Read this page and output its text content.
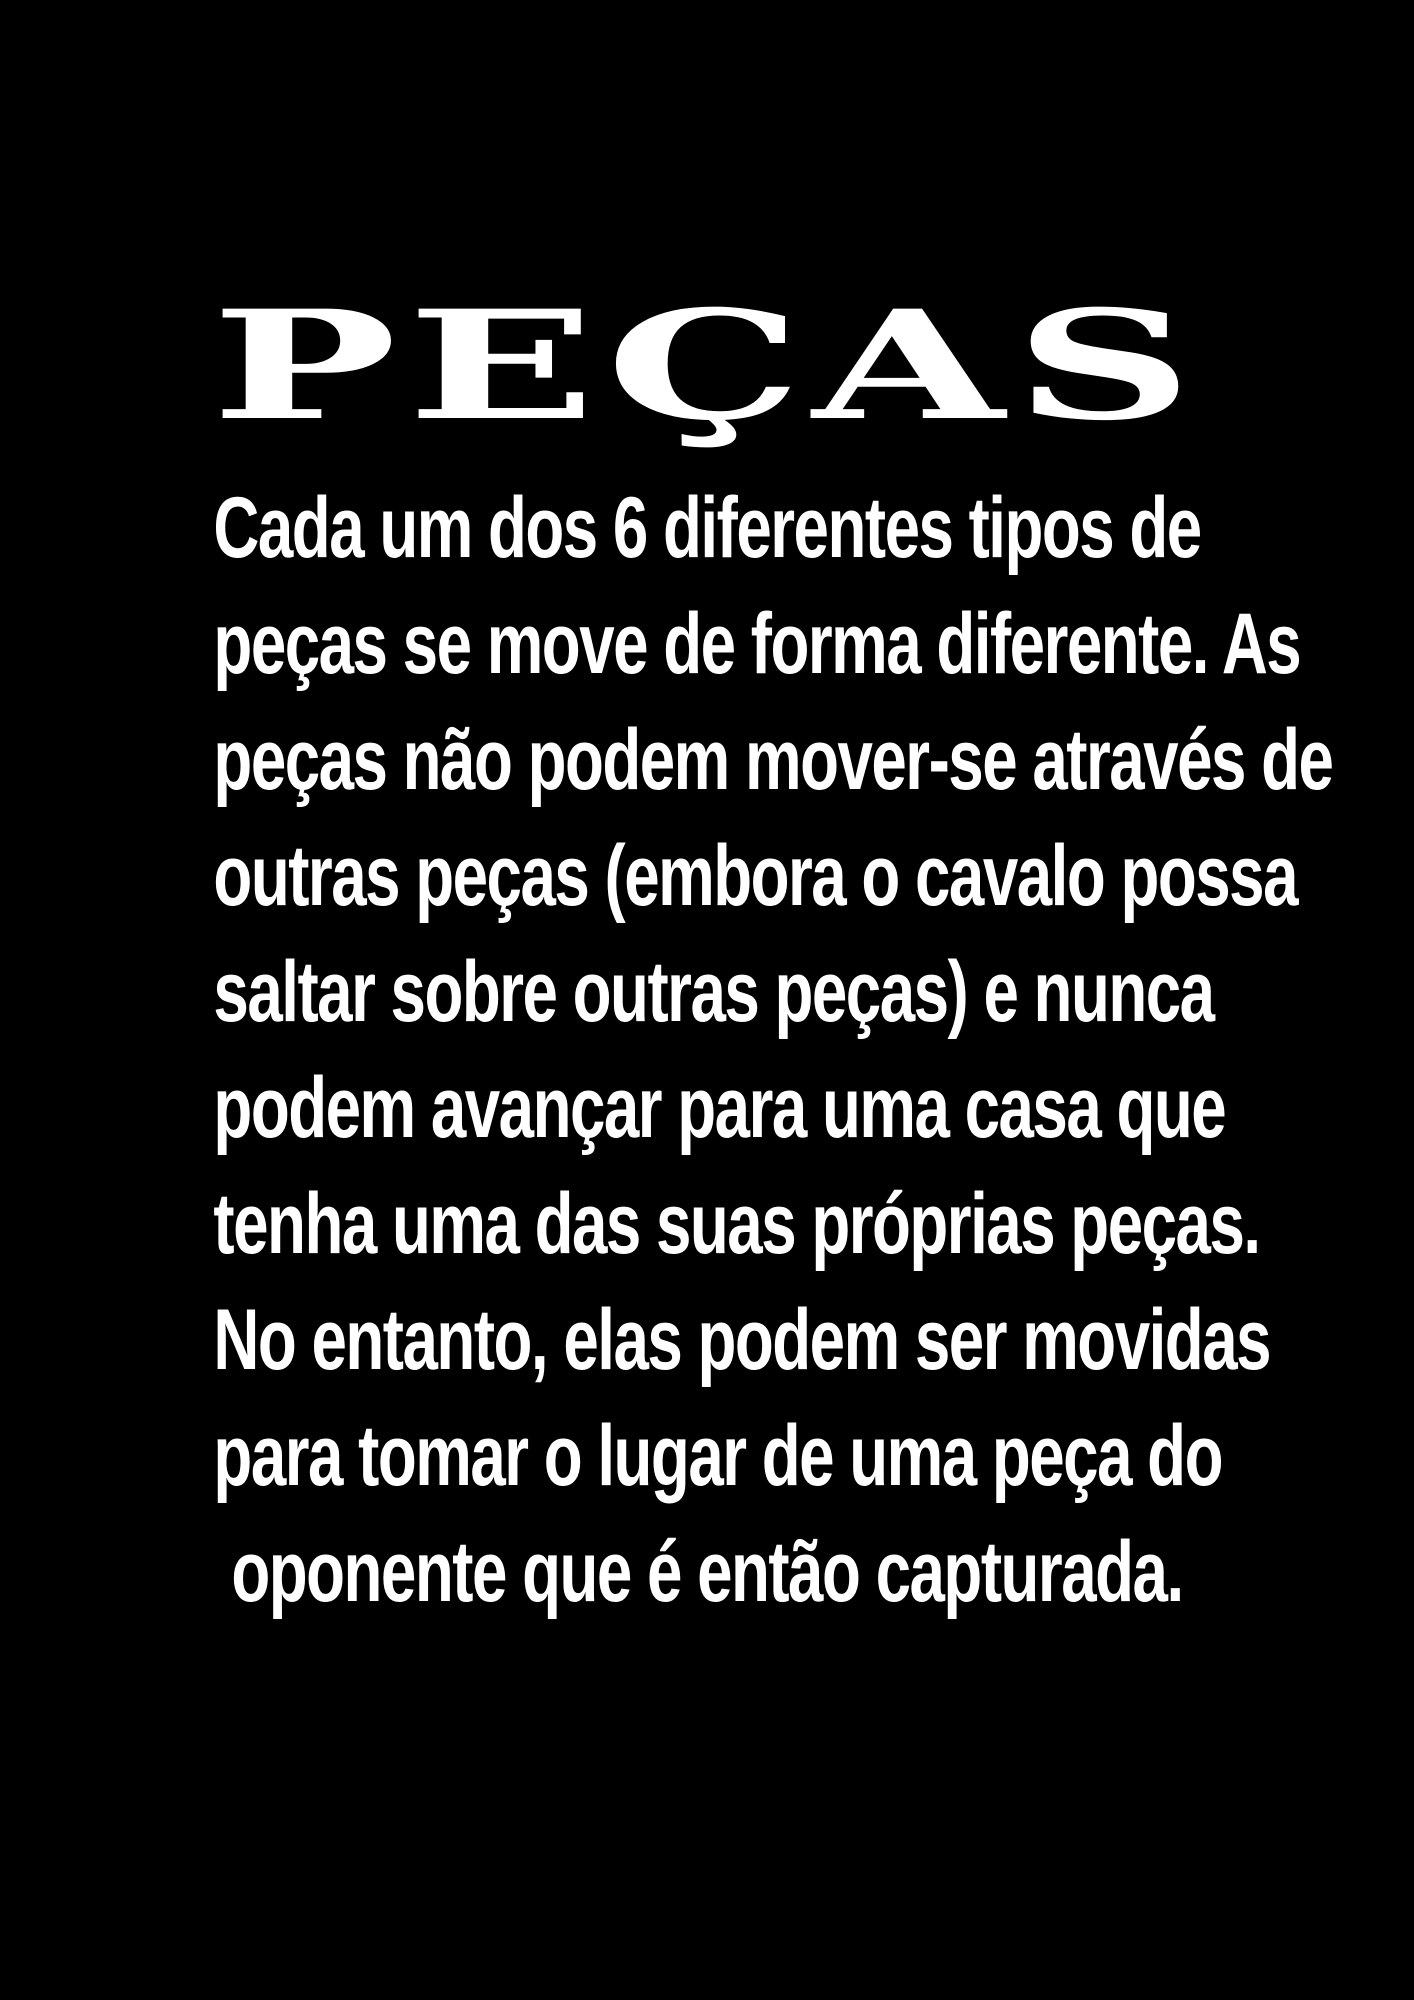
PEÇAS
Cada um dos 6 diferentes tipos de
peças se move de forma diferente. As
peças não podem mover-se através de
outras peças (embora o cavalo possa
saltar sobre outras peças) e nunca
podem avançar para uma casa que
tenha uma das suas próprias peças.
No entanto, elas podem ser movidas
para tomar o lugar de uma peça do
oponente que é então capturada.
